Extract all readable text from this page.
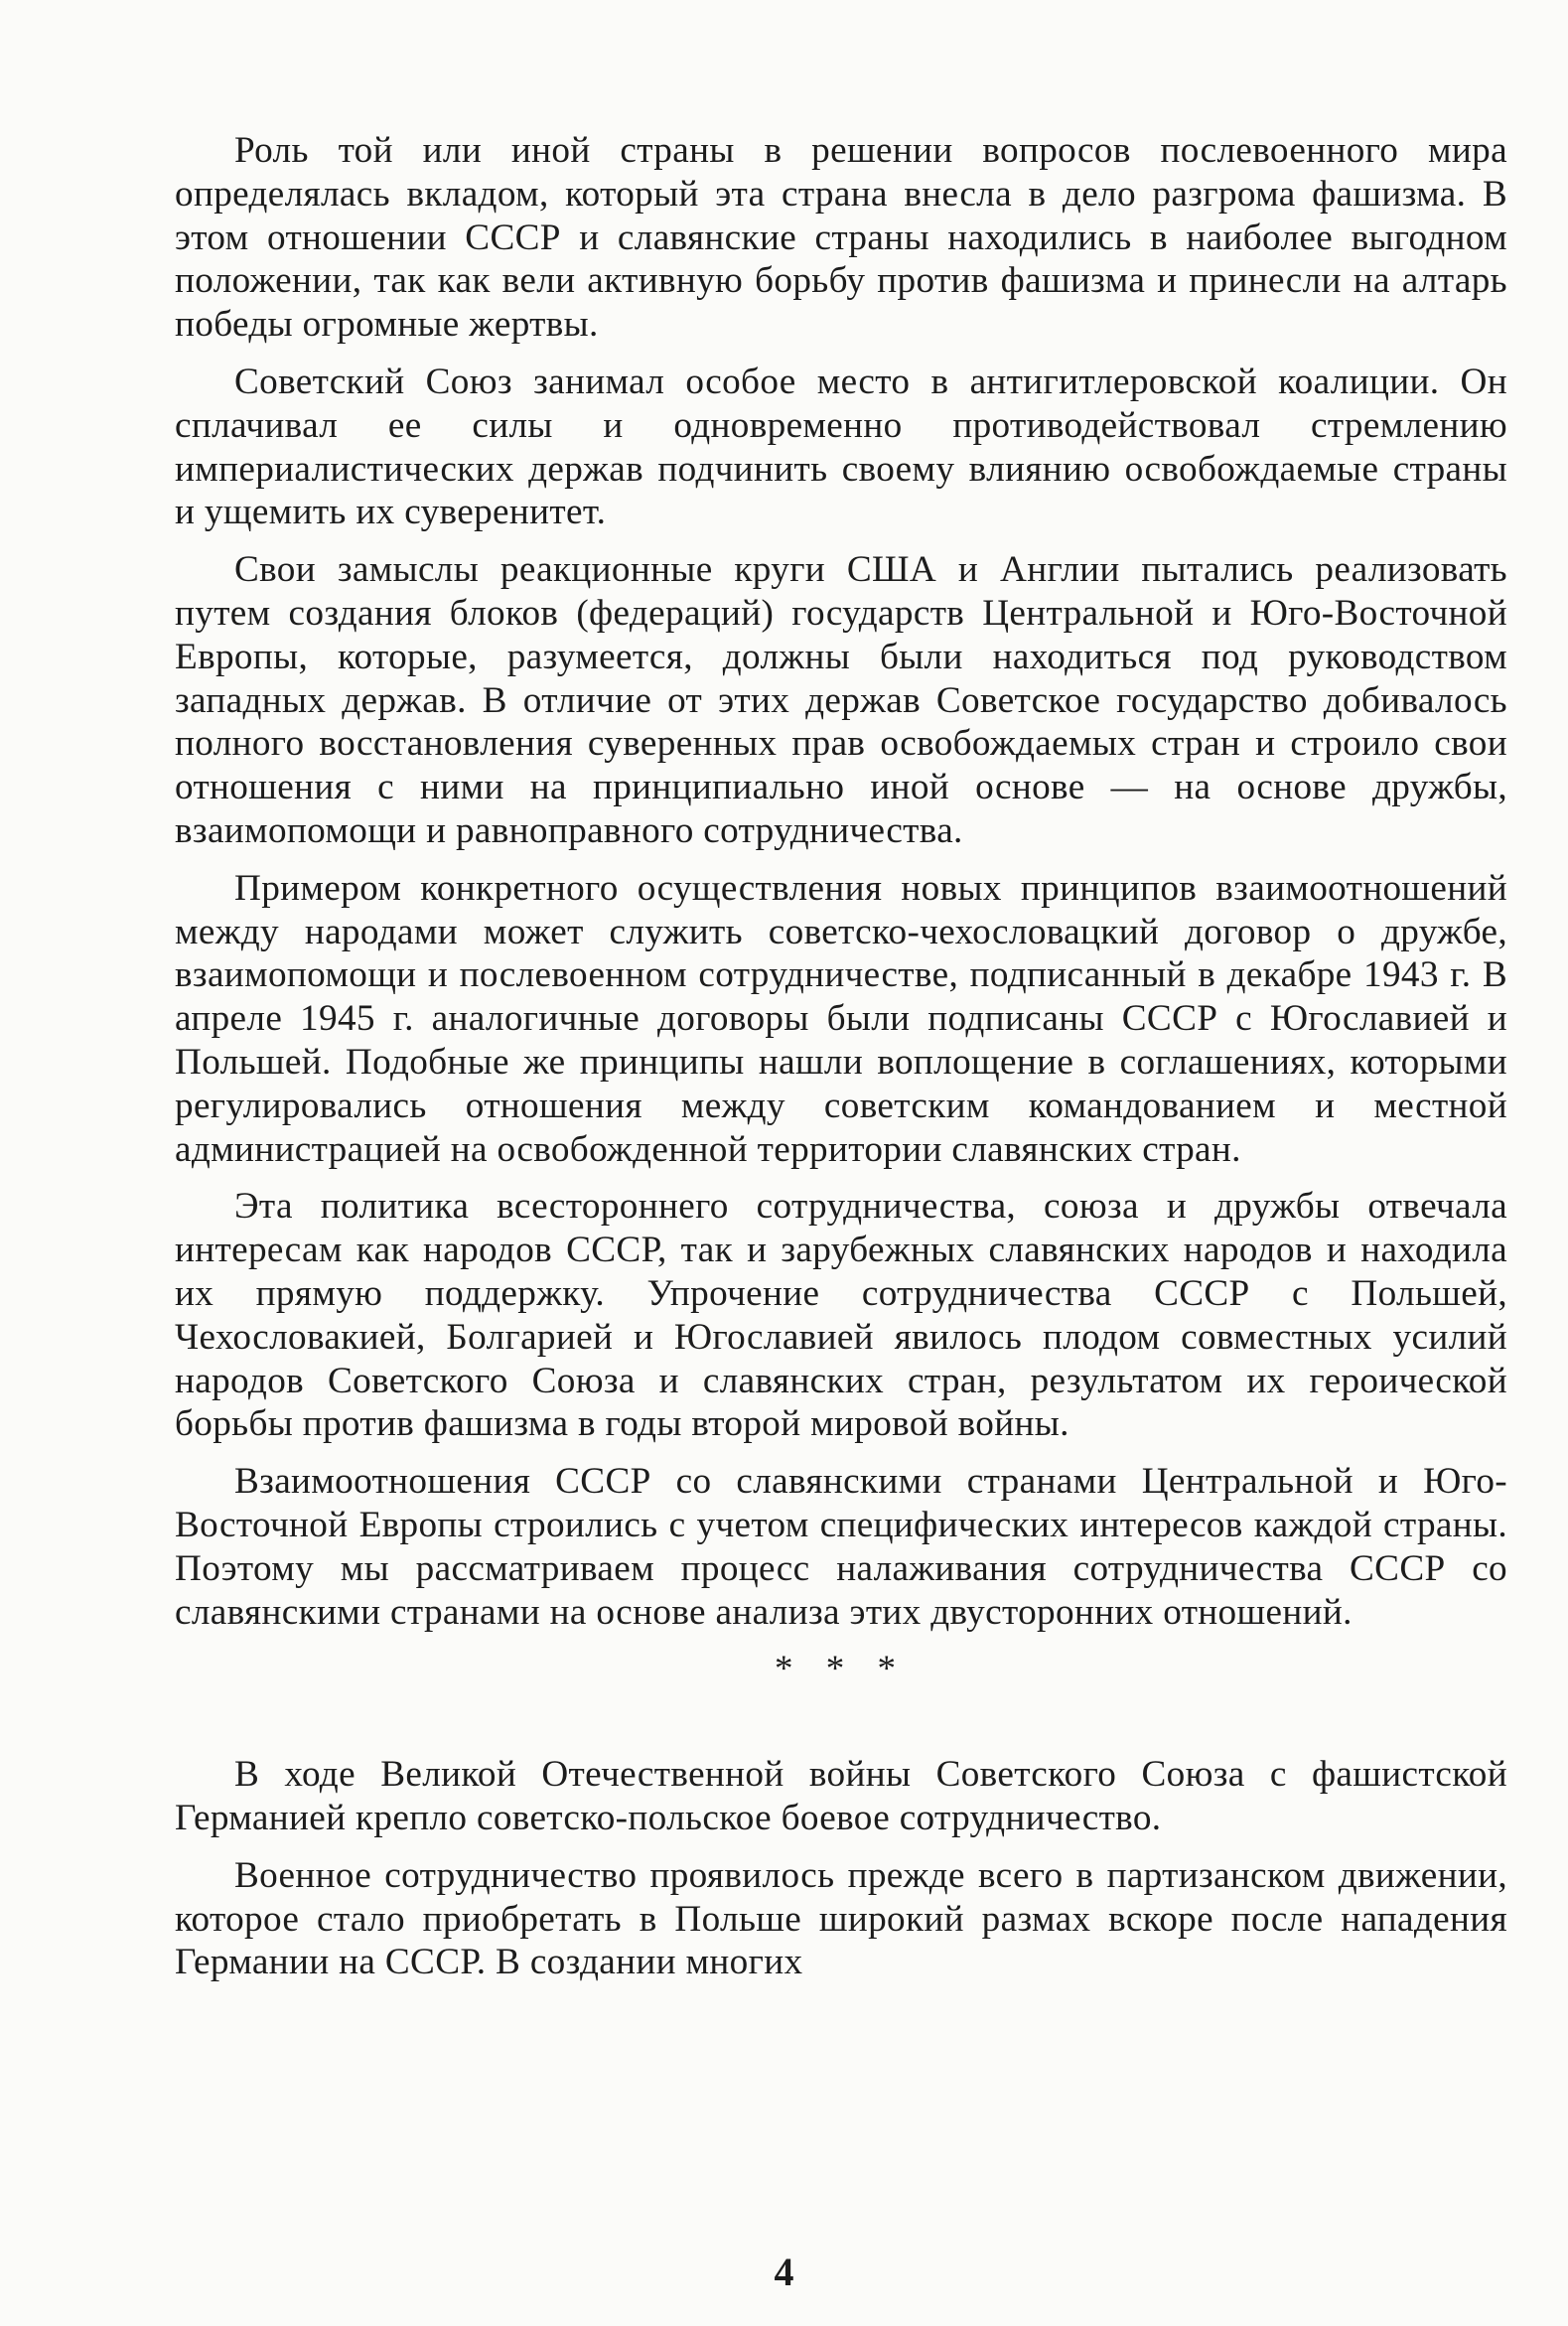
Роль той или иной страны в решении вопросов послевоенного мира определялась вкладом, который эта страна внесла в дело разгрома фашизма. В этом отношении СССР и славянские страны находились в наиболее выгодном положении, так как вели активную борьбу против фашизма и принесли на алтарь победы огромные жертвы.

Советский Союз занимал особое место в антигитлеровской коалиции. Он сплачивал ее силы и одновременно противодействовал стремлению империалистических держав подчинить своему влиянию освобождаемые страны и ущемить их суверенитет.

Свои замыслы реакционные круги США и Англии пытались реализовать путем создания блоков (федераций) государств Центральной и Юго-Восточной Европы, которые, разумеется, должны были находиться под руководством западных держав. В отличие от этих держав Советское государство добивалось полного восстановления суверенных прав освобождаемых стран и строило свои отношения с ними на принципиально иной основе — на основе дружбы, взаимопомощи и равноправного сотрудничества.

Примером конкретного осуществления новых принципов взаимоотношений между народами может служить советско-чехословацкий договор о дружбе, взаимопомощи и послевоенном сотрудничестве, подписанный в декабре 1943 г. В апреле 1945 г. аналогичные договоры были подписаны СССР с Югославией и Польшей. Подобные же принципы нашли воплощение в соглашениях, которыми регулировались отношения между советским командованием и местной администрацией на освобожденной территории славянских стран.

Эта политика всестороннего сотрудничества, союза и дружбы отвечала интересам как народов СССР, так и зарубежных славянских народов и находила их прямую поддержку. Упрочение сотрудничества СССР с Польшей, Чехословакией, Болгарией и Югославией явилось плодом совместных усилий народов Советского Союза и славянских стран, результатом их героической борьбы против фашизма в годы второй мировой войны.

Взаимоотношения СССР со славянскими странами Центральной и Юго-Восточной Европы строились с учетом специфических интересов каждой страны. Поэтому мы рассматриваем процесс налаживания сотрудничества СССР со славянскими странами на основе анализа этих двусторонних отношений.

* * *

В ходе Великой Отечественной войны Советского Союза с фашистской Германией крепло советско-польское боевое сотрудничество.

Военное сотрудничество проявилось прежде всего в партизанском движении, которое стало приобретать в Польше широкий размах вскоре после нападения Германии на СССР. В создании многих

4
